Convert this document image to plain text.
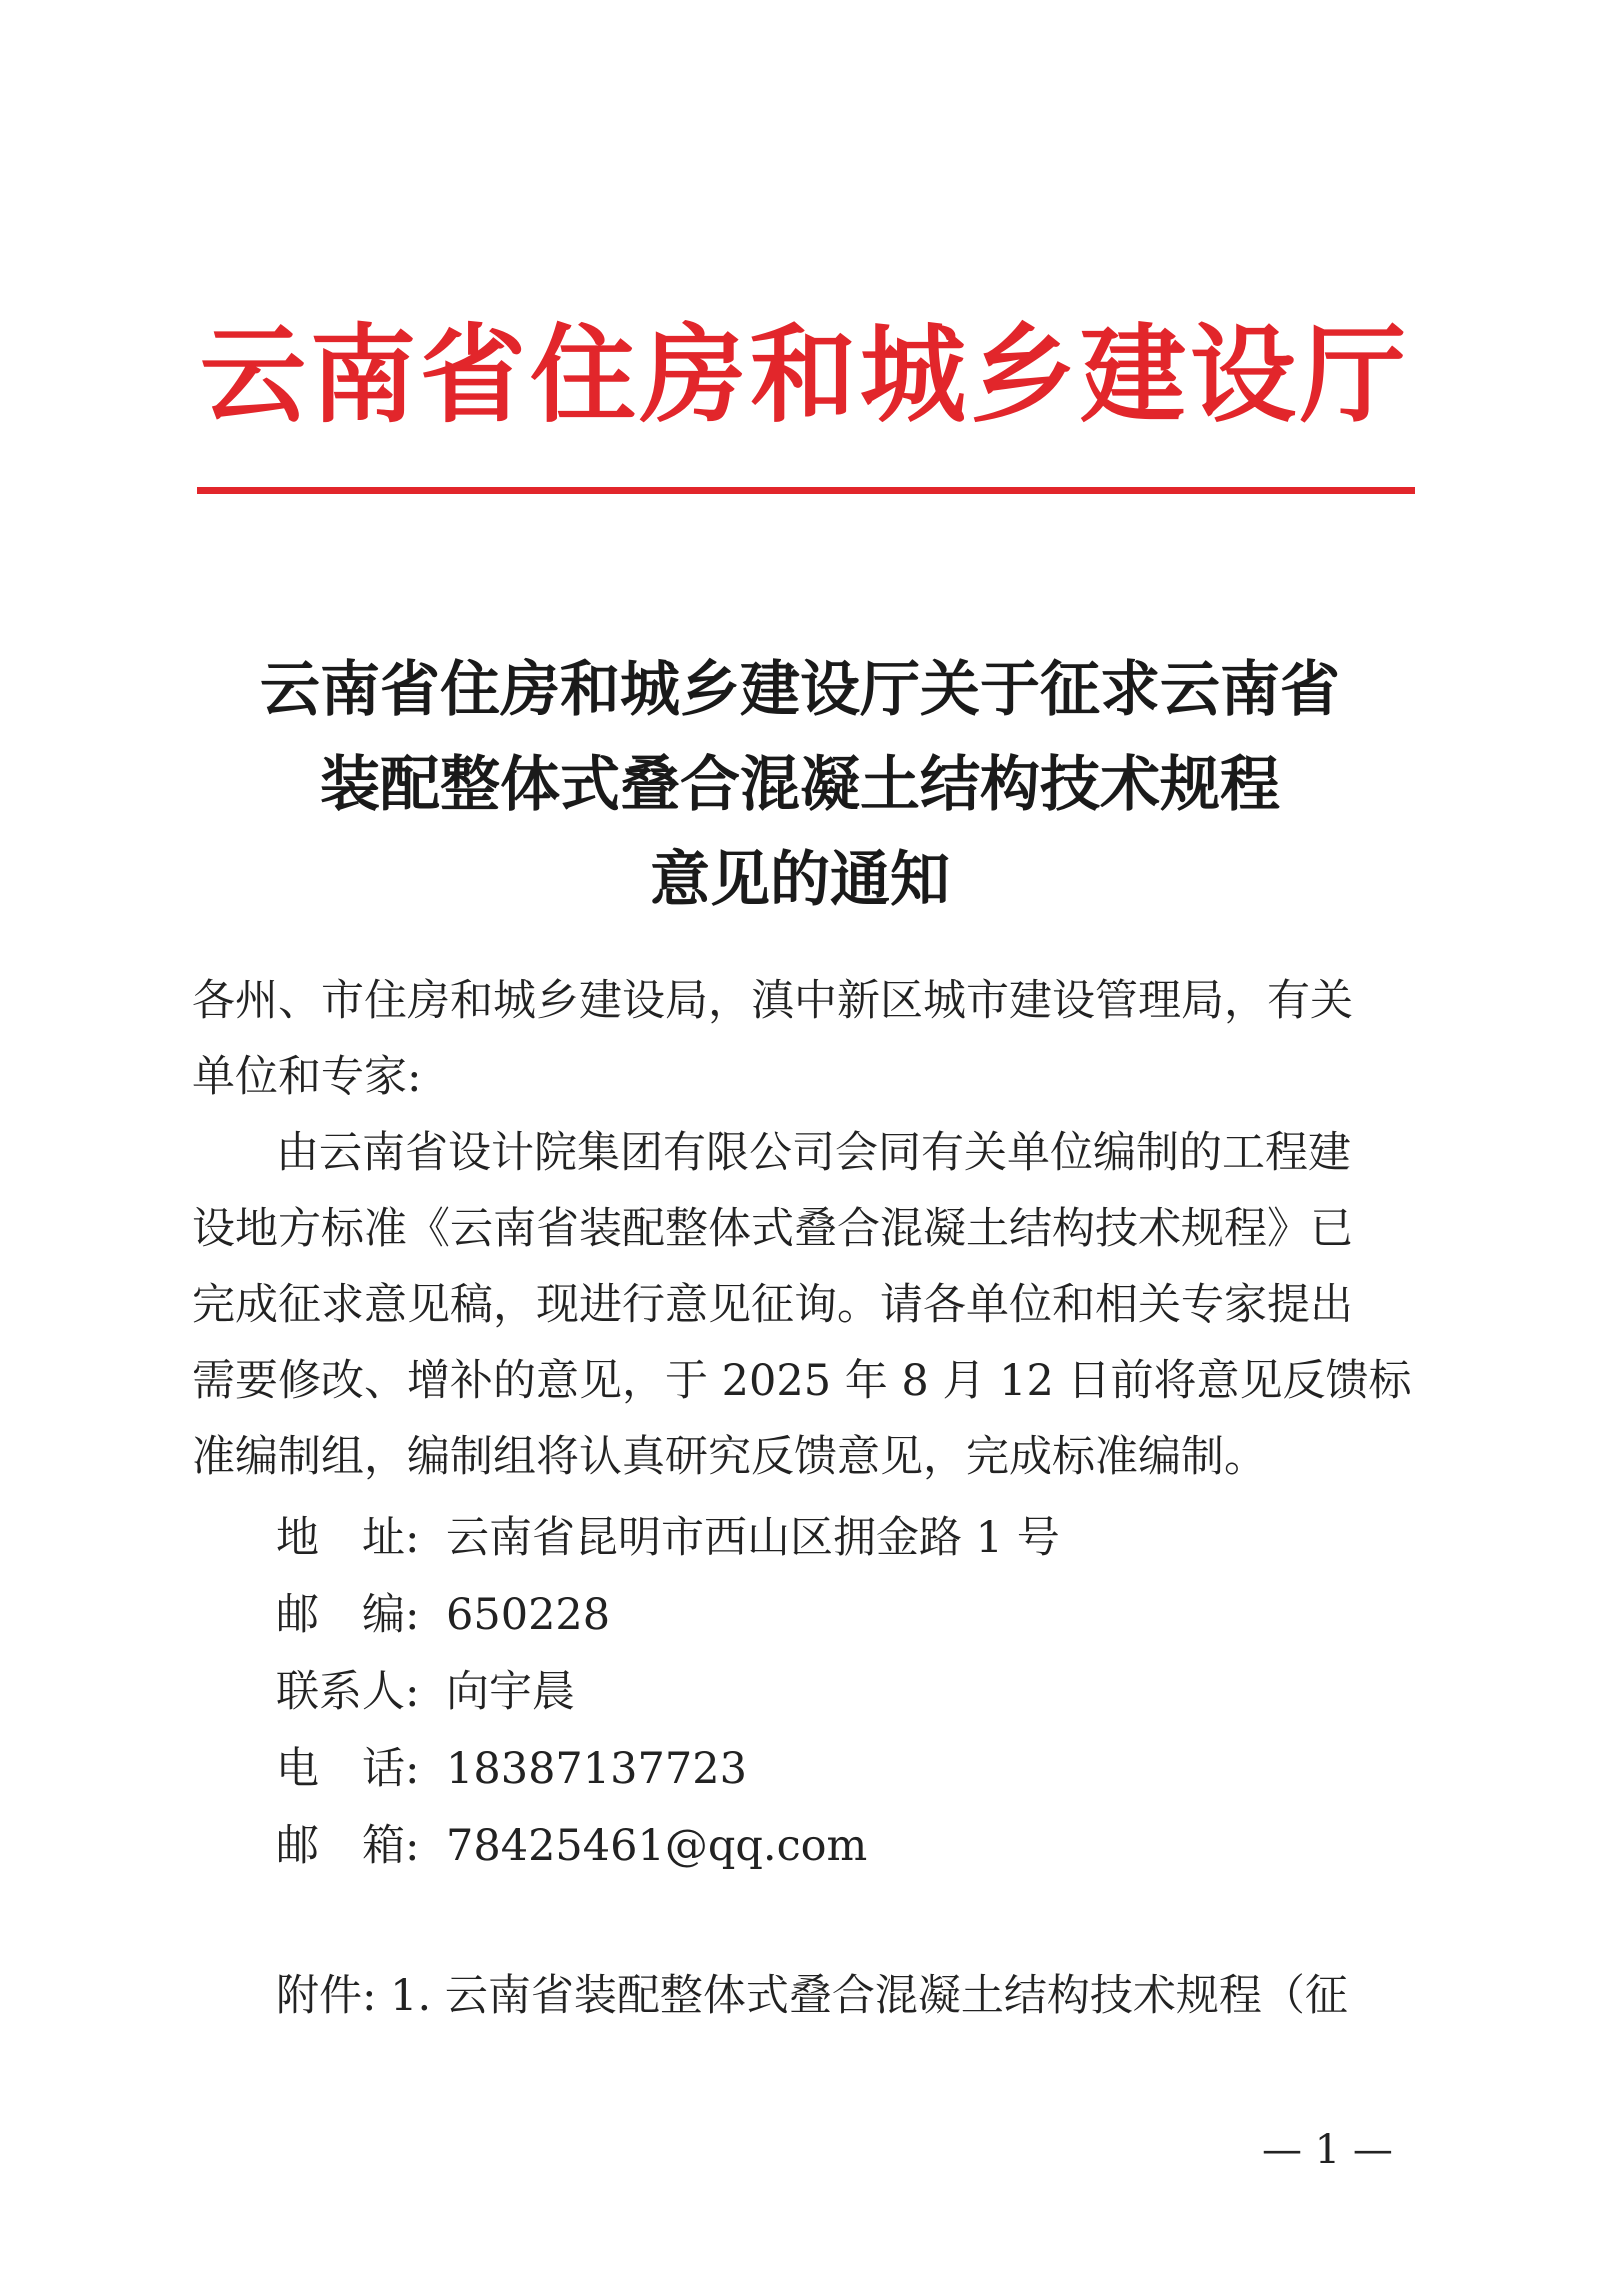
云南省住房和城乡建设厅
云南省住房和城乡建设厅关于征求云南省
装配整体式叠合混凝土结构技术规程
意见的通知
各州、市住房和城乡建设局，滇中新区城市建设管理局，有关
单位和专家:
由云南省设计院集团有限公司会同有关单位编制的工程建
设地方标准《云南省装配整体式叠合混凝土结构技术规程》已
完成征求意见稿，现进行意见征询。请各单位和相关专家提出
需要修改、增补的意见，于 2025 年 8 月 12 日前将意见反馈标
准编制组，编制组将认真研究反馈意见，完成标准编制。
地　址: 云南省昆明市西山区拥金路 1 号
邮　编: 650228
联系人: 向宇晨
电　话: 18387137723
邮　箱: 78425461@qq.com
附件: 1. 云南省装配整体式叠合混凝土结构技术规程（征
— 1 —
